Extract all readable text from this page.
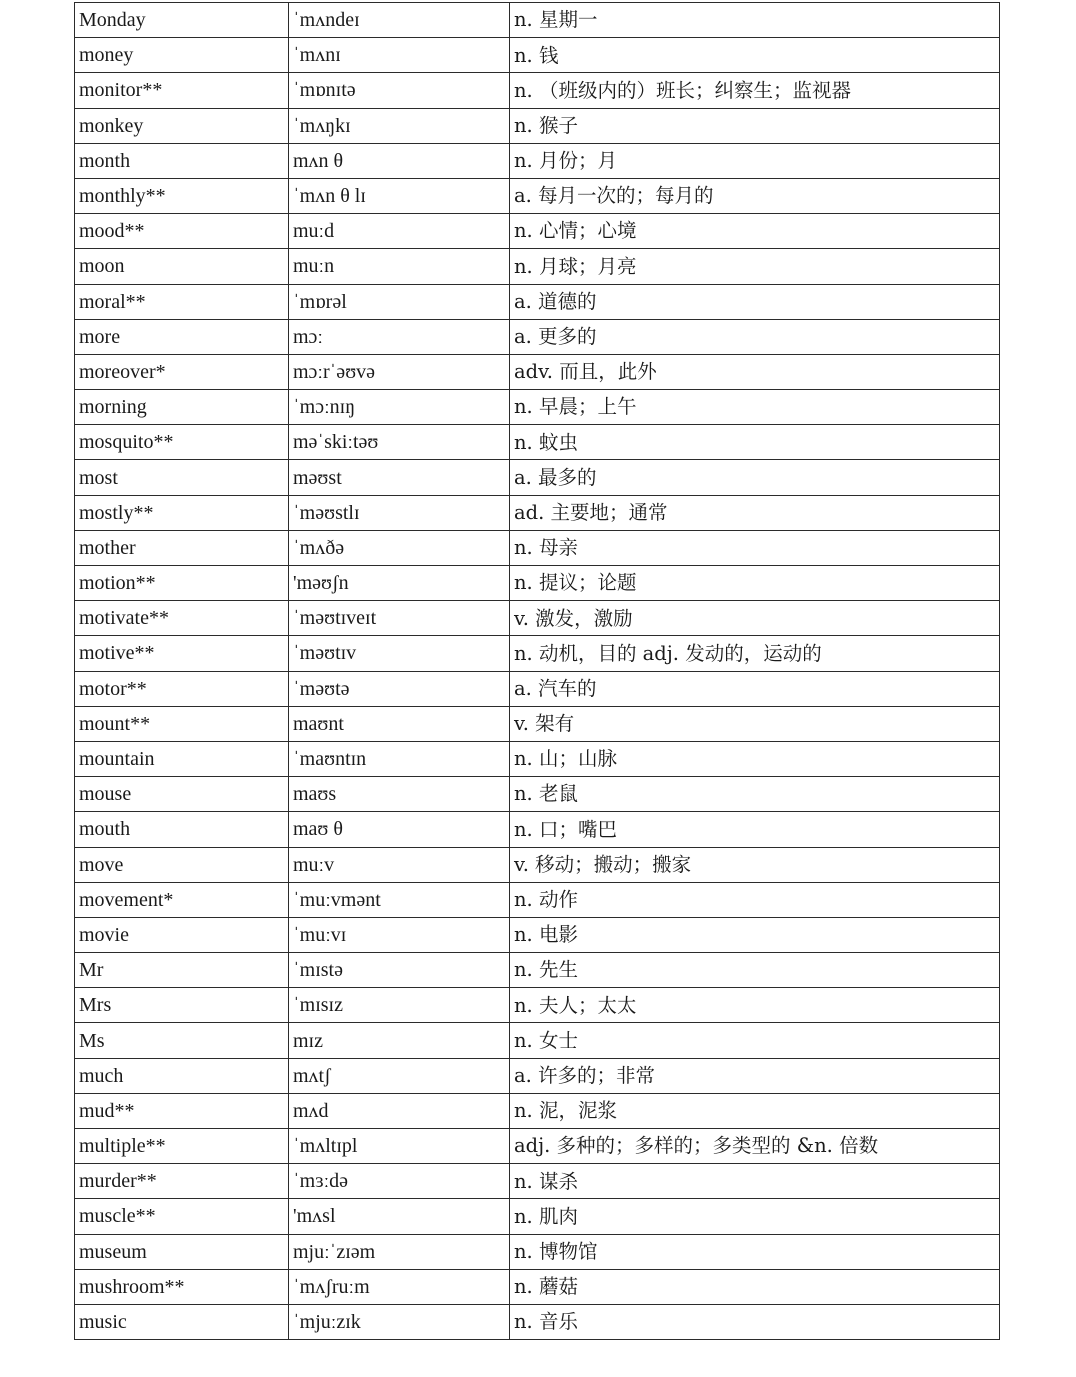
Monday	ˈmʌndeɪ	n. 星期一
money	ˈmʌnɪ	n. 钱
monitor**	ˈmɒnɪtə	n. （班级内的）班长；纠察生；监视器
monkey	ˈmʌŋkɪ	n. 猴子
month	mʌn θ	n. 月份；月
monthly**	ˈmʌn θ lɪ	a. 每月一次的；每月的
mood**	muːd	n. 心情；心境
moon	muːn	n. 月球；月亮
moral**	ˈmɒrəl	a. 道德的
more	mɔː	a. 更多的
moreover*	mɔːrˈəʊvə	adv. 而且，此外
morning	ˈmɔːnɪŋ	n. 早晨；上午
mosquito**	məˈskiːtəʊ	n. 蚊虫
most	məʊst	a. 最多的
mostly**	ˈməʊstlɪ	ad. 主要地；通常
mother	ˈmʌðə	n. 母亲
motion**	'məʊʃn	n. 提议；论题
motivate**	ˈməʊtɪveɪt	v. 激发，激励
motive**	ˈməʊtɪv	n. 动机，目的 adj. 发动的，运动的
motor**	ˈməʊtə	a. 汽车的
mount**	maʊnt	v. 架有
mountain	ˈmaʊntɪn	n. 山；山脉
mouse	maʊs	n. 老鼠
mouth	maʊ θ	n. 口；嘴巴
move	muːv	v. 移动；搬动；搬家
movement*	ˈmuːvmənt	n. 动作
movie	ˈmuːvɪ	n. 电影
Mr	ˈmɪstə	n. 先生
Mrs	ˈmɪsɪz	n. 夫人；太太
Ms	mɪz	n. 女士
much	mʌtʃ	a. 许多的；非常
mud**	mʌd	n. 泥，泥浆
multiple**	ˈmʌltɪpl	adj. 多种的；多样的；多类型的 &n. 倍数
murder**	ˈmɜːdə	n. 谋杀
muscle**	'mʌsl	n. 肌肉
museum	mjuːˈzɪəm	n. 博物馆
mushroom**	ˈmʌʃruːm	n. 蘑菇
music	ˈmjuːzɪk	n. 音乐
